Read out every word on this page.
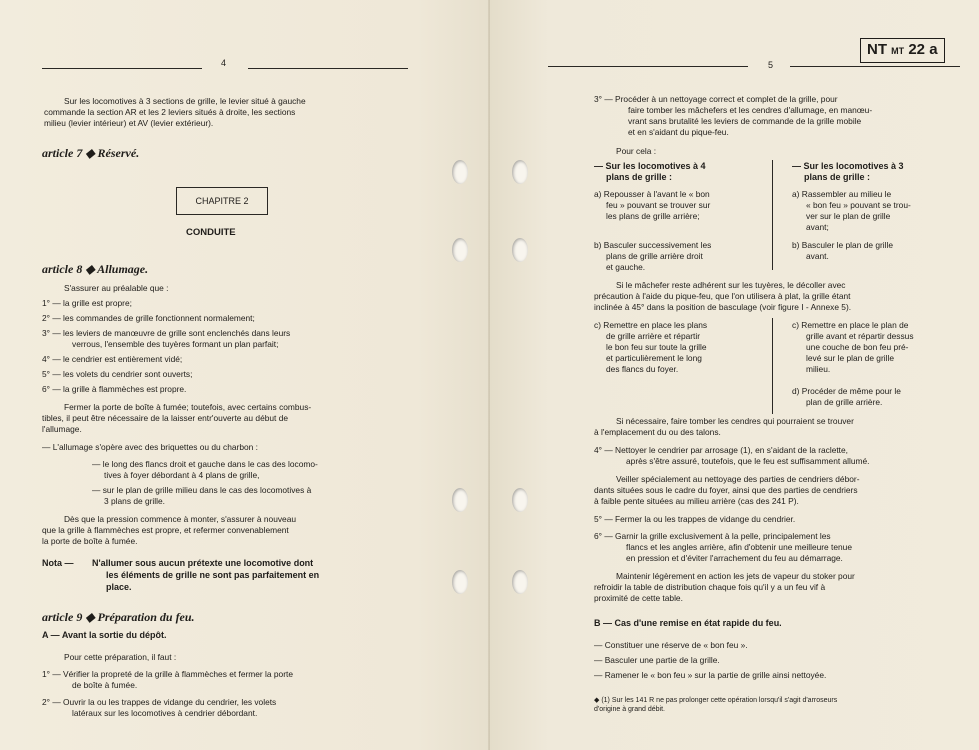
4
Sur les locomotives à 3 sections de grille, le levier situé à gauche
commande la section AR et les 2 leviers situés à droite, les sections
milieu (levier intérieur) et AV (levier extérieur).
article 7 ◆ Réservé.
CHAPITRE 2
CONDUITE
article 8 ◆ Allumage.
S'assurer au préalable que :
1° — la grille est propre;
2° — les commandes de grille fonctionnent normalement;
3° — les leviers de manœuvre de grille sont enclenchés dans leurs
verrous, l'ensemble des tuyères formant un plan parfait;
4° — le cendrier est entièrement vidé;
5° — les volets du cendrier sont ouverts;
6° — la grille à flammèches est propre.
Fermer la porte de boîte à fumée; toutefois, avec certains combus-
tibles, il peut être nécessaire de la laisser entr'ouverte au début de
l'allumage.
— L'allumage s'opère avec des briquettes ou du charbon :
— le long des flancs droit et gauche dans le cas des locomo-
tives à foyer débordant à 4 plans de grille,
— sur le plan de grille milieu dans le cas des locomotives à
3 plans de grille.
Dès que la pression commence à monter, s'assurer à nouveau
que la grille à flammèches est propre, et refermer convenablement
la porte de boîte à fumée.
Nota — N'allumer sous aucun prétexte une locomotive dont
les éléments de grille ne sont pas parfaitement en
place.
article 9 ◆ Préparation du feu.
A — Avant la sortie du dépôt.
Pour cette préparation, il faut :
1° — Vérifier la propreté de la grille à flammèches et fermer la porte
de boîte à fumée.
2° — Ouvrir la ou les trappes de vidange du cendrier, les volets
latéraux sur les locomotives à cendrier débordant.
NT MT 22 a
5
3° — Procéder à un nettoyage correct et complet de la grille, pour
faire tomber les mâchefers et les cendres d'allumage, en manœu-
vrant sans brutalité les leviers de commande de la grille mobile
et en s'aidant du pique-feu.
Pour cela :
— Sur les locomotives à 4
plans de grille :
— Sur les locomotives à 3
plans de grille :
a) Repousser à l'avant le « bon
feu » pouvant se trouver sur
les plans de grille arrière;
a) Rassembler au milieu le
« bon feu » pouvant se trou-
ver sur le plan de grille
avant;
b) Basculer successivement les
plans de grille arrière droit
et gauche.
b) Basculer le plan de grille
avant.
Si le mâchefer reste adhérent sur les tuyères, le décoller avec
précaution à l'aide du pique-feu, que l'on utilisera à plat, la grille étant
inclinée à 45° dans la position de basculage (voir figure I - Annexe 5).
c) Remettre en place les plans
de grille arrière et répartir
le bon feu sur toute la grille
et particulièrement le long
des flancs du foyer.
c) Remettre en place le plan de
grille avant et répartir dessus
une couche de bon feu pré-
levé sur le plan de grille
milieu.
d) Procéder de même pour le
plan de grille arrière.
Si nécessaire, faire tomber les cendres qui pourraient se trouver
à l'emplacement du ou des talons.
4° — Nettoyer le cendrier par arrosage (1), en s'aidant de la raclette,
après s'être assuré, toutefois, que le feu est suffisamment allumé.
Veiller spécialement au nettoyage des parties de cendriers débor-
dants situées sous le cadre du foyer, ainsi que des parties de cendriers
à faible pente situées au milieu arrière (cas des 241 P).
5° — Fermer la ou les trappes de vidange du cendrier.
6° — Garnir la grille exclusivement à la pelle, principalement les
flancs et les angles arrière, afin d'obtenir une meilleure tenue
en pression et d'éviter l'arrachement du feu au démarrage.
Maintenir légèrement en action les jets de vapeur du stoker pour
refroidir la table de distribution chaque fois qu'il y a un feu vif à
proximité de cette table.
B — Cas d'une remise en état rapide du feu.
— Constituer une réserve de « bon feu ».
— Basculer une partie de la grille.
— Ramener le « bon feu » sur la partie de grille ainsi nettoyée.
◆ (1) Sur les 141 R ne pas prolonger cette opération lorsqu'il s'agit d'arroseurs
d'origine à grand débit.
